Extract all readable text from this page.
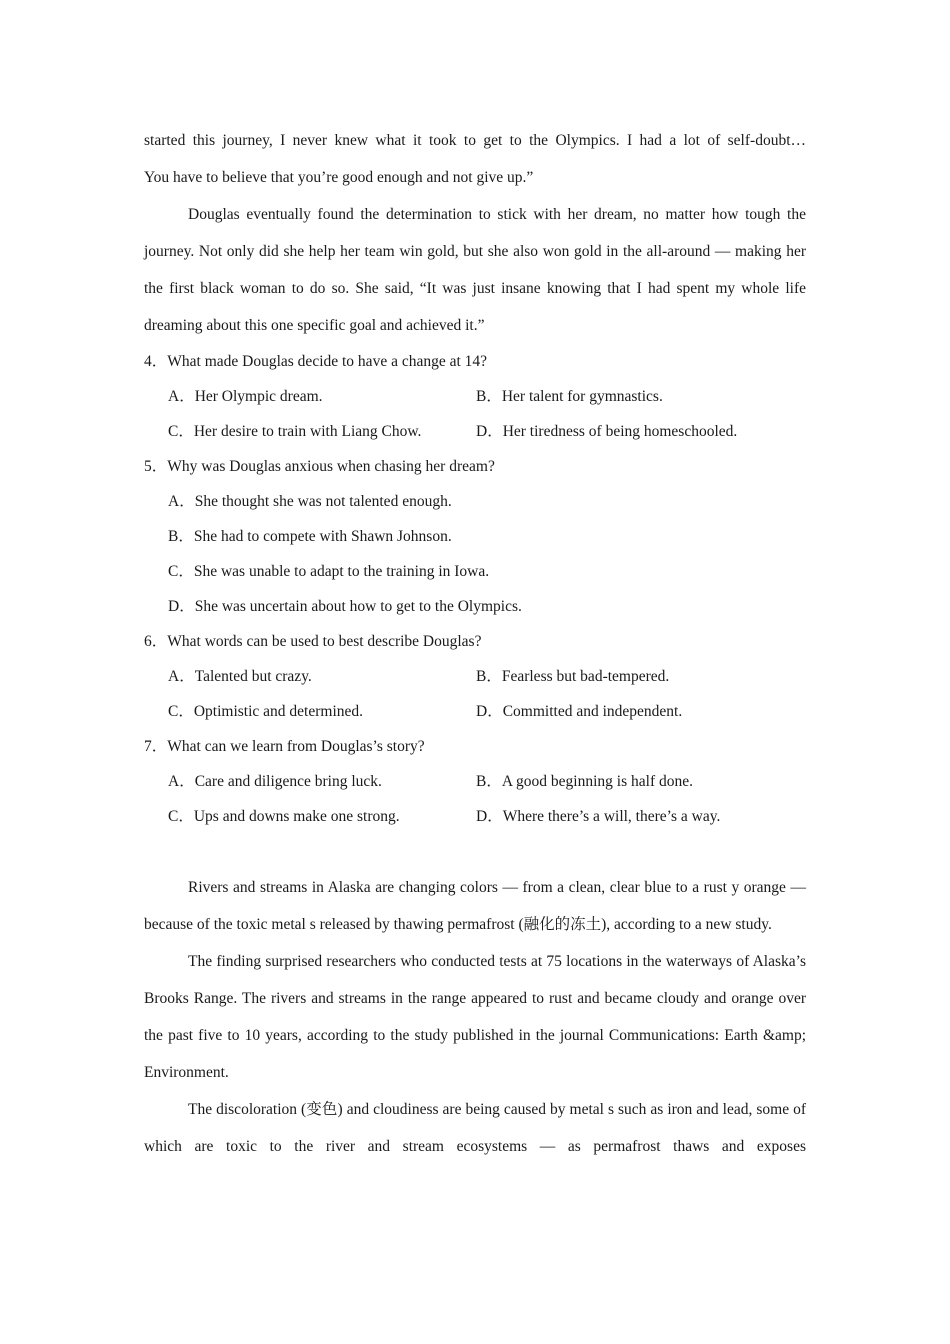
started this journey, I never knew what it took to get to the Olympics. I had a lot of self-doubt…

You have to believe that you’re good enough and not give up.”

Douglas eventually found the determination to stick with her dream, no matter how tough the journey. Not only did she help her team win gold, but she also won gold in the all-around — making her the first black woman to do so. She said, “It was just insane knowing that I had spent my whole life dreaming about this one specific goal and achieved it.”

4．What made Douglas decide to have a change at 14?
A．Her Olympic dream.	B．Her talent for gymnastics.
C．Her desire to train with Liang Chow.	D．Her tiredness of being homeschooled.
5．Why was Douglas anxious when chasing her dream?
A．She thought she was not talented enough.
B．She had to compete with Shawn Johnson.
C．She was unable to adapt to the training in Iowa.
D．She was uncertain about how to get to the Olympics.
6．What words can be used to best describe Douglas?
A．Talented but crazy.	B．Fearless but bad-tempered.
C．Optimistic and determined.	D．Committed and independent.
7．What can we learn from Douglas’s story?
A．Care and diligence bring luck.	B．A good beginning is half done.
C．Ups and downs make one strong.	D．Where there’s a will, there’s a way.

Rivers and streams in Alaska are changing colors — from a clean, clear blue to a rust y orange — because of the toxic metal s released by thawing permafrost (融化的冻土), according to a new study.

The finding surprised researchers who conducted tests at 75 locations in the waterways of Alaska’s Brooks Range. The rivers and streams in the range appeared to rust and became cloudy and orange over the past five to 10 years, according to the study published in the journal Communications: Earth &amp; Environment.

The discoloration (变色) and cloudiness are being caused by metal s such as iron and lead, some of which are toxic to the river and stream ecosystems — as permafrost thaws and exposes
